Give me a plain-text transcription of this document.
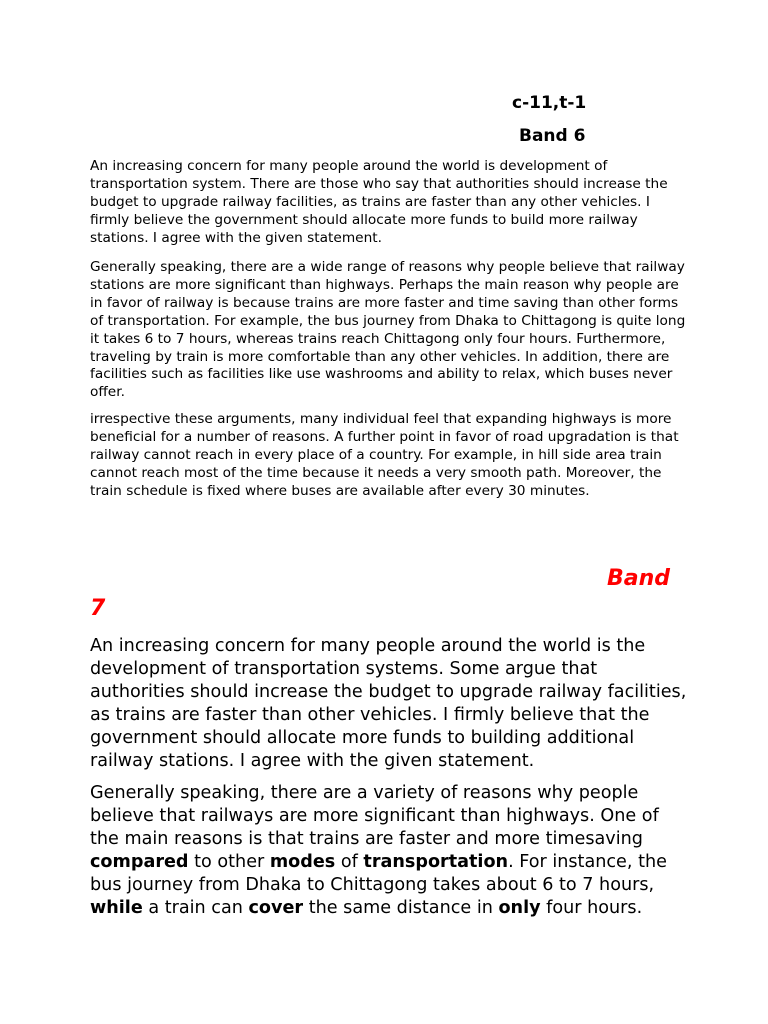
c-11,t-1
Band 6

An increasing concern for many people around the world is development of transportation system. There are those who say that authorities should increase the budget to upgrade railway facilities, as trains are faster than any other vehicles. I firmly believe the government should allocate more funds to build more railway stations. I agree with the given statement.

Generally speaking, there are a wide range of reasons why people believe that railway stations are more significant than highways. Perhaps the main reason why people are in favor of railway is because trains are more faster and time saving than other forms of transportation. For example, the bus journey from Dhaka to Chittagong is quite long it takes 6 to 7 hours, whereas trains reach Chittagong only four hours. Furthermore, traveling by train is more comfortable than any other vehicles. In addition, there are facilities such as facilities like use washrooms and ability to relax, which buses never offer.

irrespective these arguments, many individual feel that expanding highways is more beneficial for a number of reasons. A further point in favor of road upgradation is that railway cannot reach in every place of a country. For example, in hill side area train cannot reach most of the time because it needs a very smooth path. Moreover, the train schedule is fixed where buses are available after every 30 minutes.

Band
7

An increasing concern for many people around the world is the development of transportation systems. Some argue that authorities should increase the budget to upgrade railway facilities, as trains are faster than other vehicles. I firmly believe that the government should allocate more funds to building additional railway stations. I agree with the given statement.

Generally speaking, there are a variety of reasons why people believe that railways are more significant than highways. One of the main reasons is that trains are faster and more timesaving compared to other modes of transportation. For instance, the bus journey from Dhaka to Chittagong takes about 6 to 7 hours, while a train can cover the same distance in only four hours.
